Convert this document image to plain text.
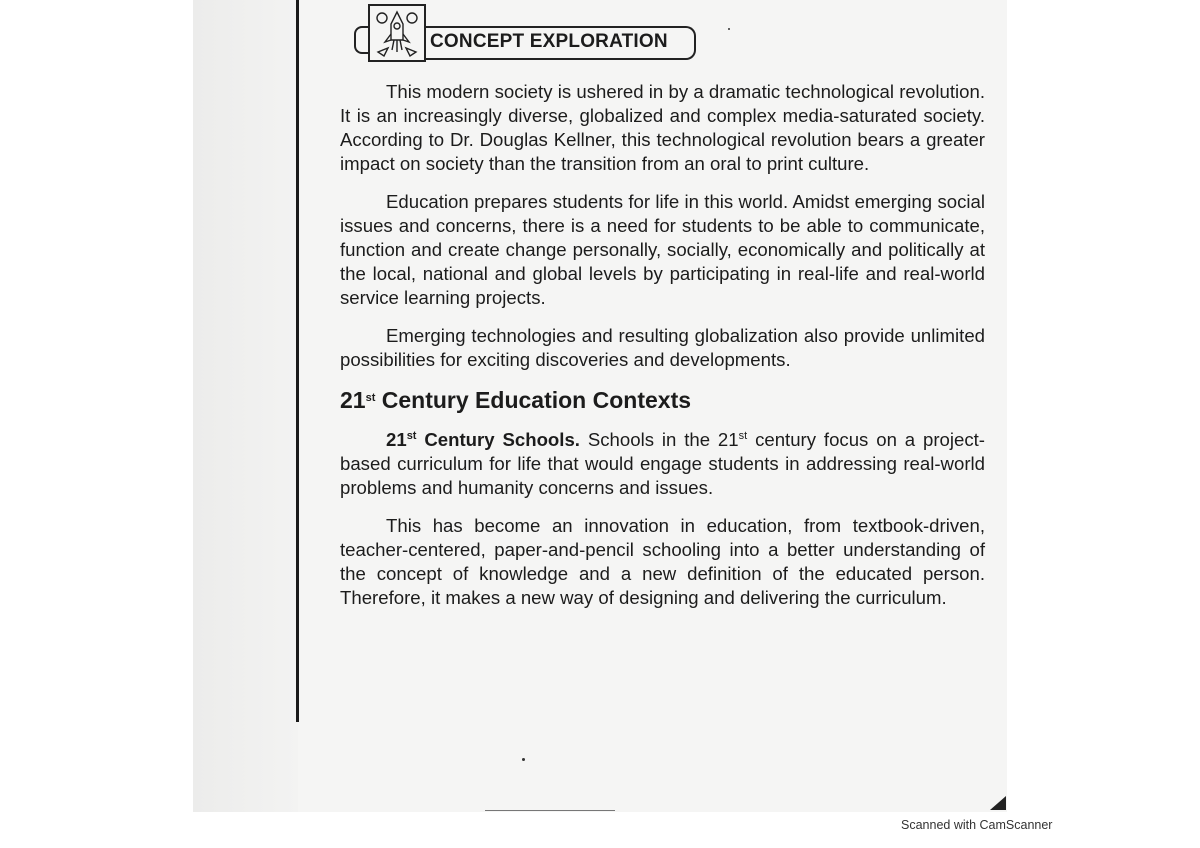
CONCEPT EXPLORATION

This modern society is ushered in by a dramatic technological revolution. It is an increasingly diverse, globalized and complex media-saturated society. According to Dr. Douglas Kellner, this technological revolution bears a greater impact on society than the transition from an oral to print culture.

Education prepares students for life in this world. Amidst emerging social issues and concerns, there is a need for students to be able to communicate, function and create change personally, socially, economically and politically at the local, national and global levels by participating in real-life and real-world service learning projects.

Emerging technologies and resulting globalization also provide unlimited possibilities for exciting discoveries and developments.

21st Century Education Contexts

21st Century Schools. Schools in the 21st century focus on a project-based curriculum for life that would engage students in addressing real-world problems and humanity concerns and issues.

This has become an innovation in education, from textbook-driven, teacher-centered, paper-and-pencil schooling into a better understanding of the concept of knowledge and a new definition of the educated person. Therefore, it makes a new way of designing and delivering the curriculum.

Scanned with CamScanner
